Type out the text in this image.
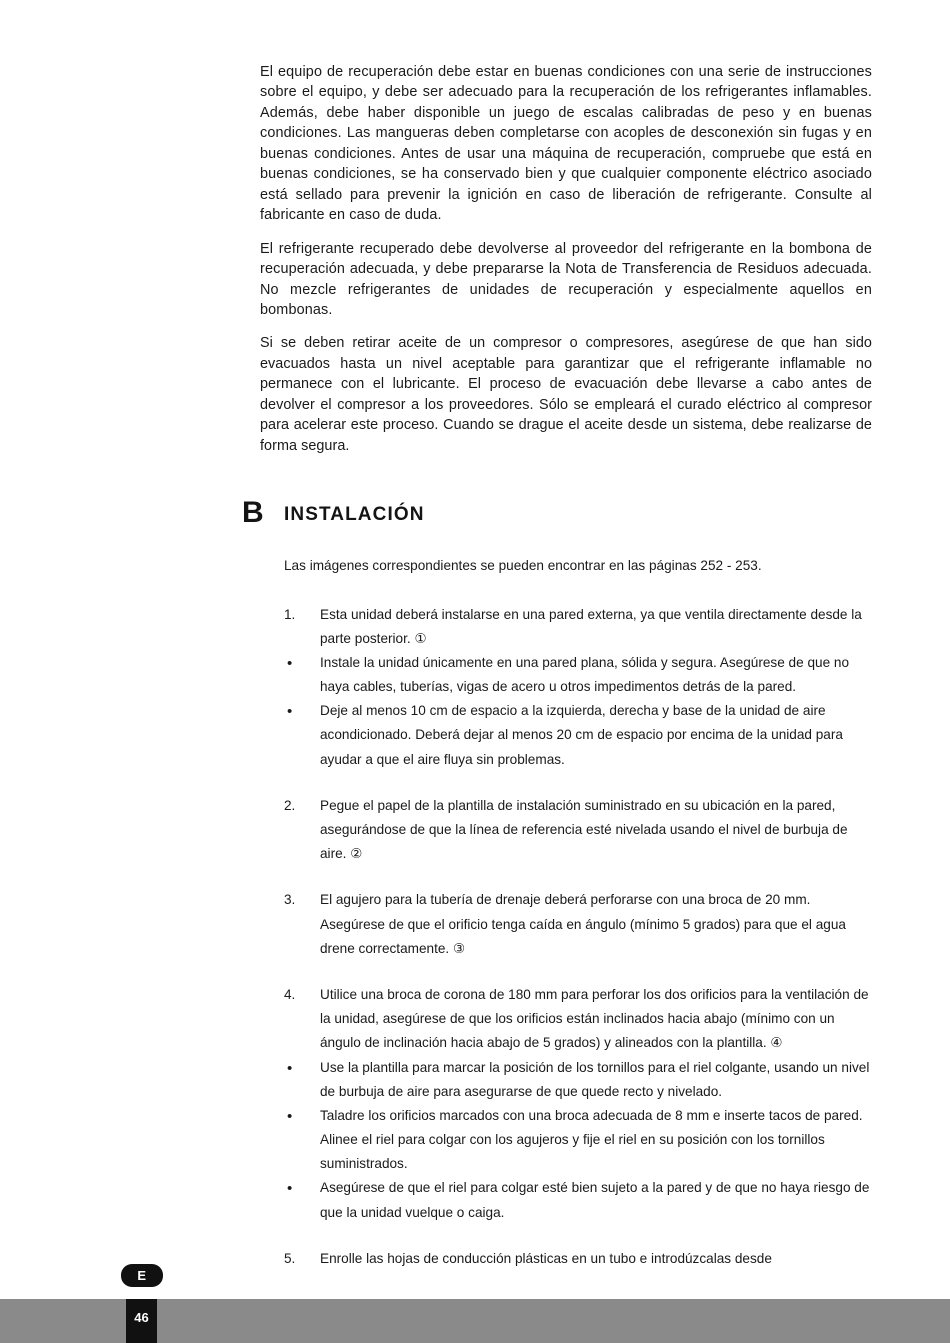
El equipo de recuperación debe estar en buenas condiciones con una serie de instrucciones sobre el equipo, y debe ser adecuado para la recuperación de los refrigerantes inflamables. Además, debe haber disponible un juego de escalas calibradas de peso y en buenas condiciones. Las mangueras deben completarse con acoples de desconexión sin fugas y en buenas condiciones. Antes de usar una máquina de recuperación, compruebe que está en buenas condiciones, se ha conservado bien y que cualquier componente eléctrico asociado está sellado para prevenir la ignición en caso de liberación de refrigerante. Consulte al fabricante en caso de duda.

El refrigerante recuperado debe devolverse al proveedor del refrigerante en la bombona de recuperación adecuada, y debe prepararse la Nota de Transferencia de Residuos adecuada. No mezcle refrigerantes de unidades de recuperación y especialmente aquellos en bombonas.

Si se deben retirar aceite de un compresor o compresores, asegúrese de que han sido evacuados hasta un nivel aceptable para garantizar que el refrigerante inflamable no permanece con el lubricante. El proceso de evacuación debe llevarse a cabo antes de devolver el compresor a los proveedores. Sólo se empleará el curado eléctrico al compresor para acelerar este proceso. Cuando se drague el aceite desde un sistema, debe realizarse de forma segura.

B INSTALACIÓN

Las imágenes correspondientes se pueden encontrar en las páginas 252 - 253.

1.	Esta unidad deberá instalarse en una pared externa, ya que ventila directamente desde la parte posterior. ①
•	Instale la unidad únicamente en una pared plana, sólida y segura. Asegúrese de que no haya cables, tuberías, vigas de acero u otros impedimentos detrás de la pared.
•	Deje al menos 10 cm de espacio a la izquierda, derecha y base de la unidad de aire acondicionado. Deberá dejar al menos 20 cm de espacio por encima de la unidad para ayudar a que el aire fluya sin problemas.
2.	Pegue el papel de la plantilla de instalación suministrado en su ubicación en la pared, asegurándose de que la línea de referencia esté nivelada usando el nivel de burbuja de aire. ②
3.	El agujero para la tubería de drenaje deberá perforarse con una broca de 20 mm. Asegúrese de que el orificio tenga caída en ángulo (mínimo 5 grados) para que el agua drene correctamente. ③
4.	Utilice una broca de corona de 180 mm para perforar los dos orificios para la ventilación de la unidad, asegúrese de que los orificios están inclinados hacia abajo (mínimo con un ángulo de inclinación hacia abajo de 5 grados) y alineados con la plantilla. ④
•	Use la plantilla para marcar la posición de los tornillos para el riel colgante, usando un nivel de burbuja de aire para asegurarse de que quede recto y nivelado.
•	Taladre los orificios marcados con una broca adecuada de 8 mm e inserte tacos de pared. Alinee el riel para colgar con los agujeros y fije el riel en su posición con los tornillos suministrados.
•	Asegúrese de que el riel para colgar esté bien sujeto a la pared y de que no haya riesgo de que la unidad vuelque o caiga.
5.	Enrolle las hojas de conducción plásticas en un tubo e introdúzcalas desde
E
46
